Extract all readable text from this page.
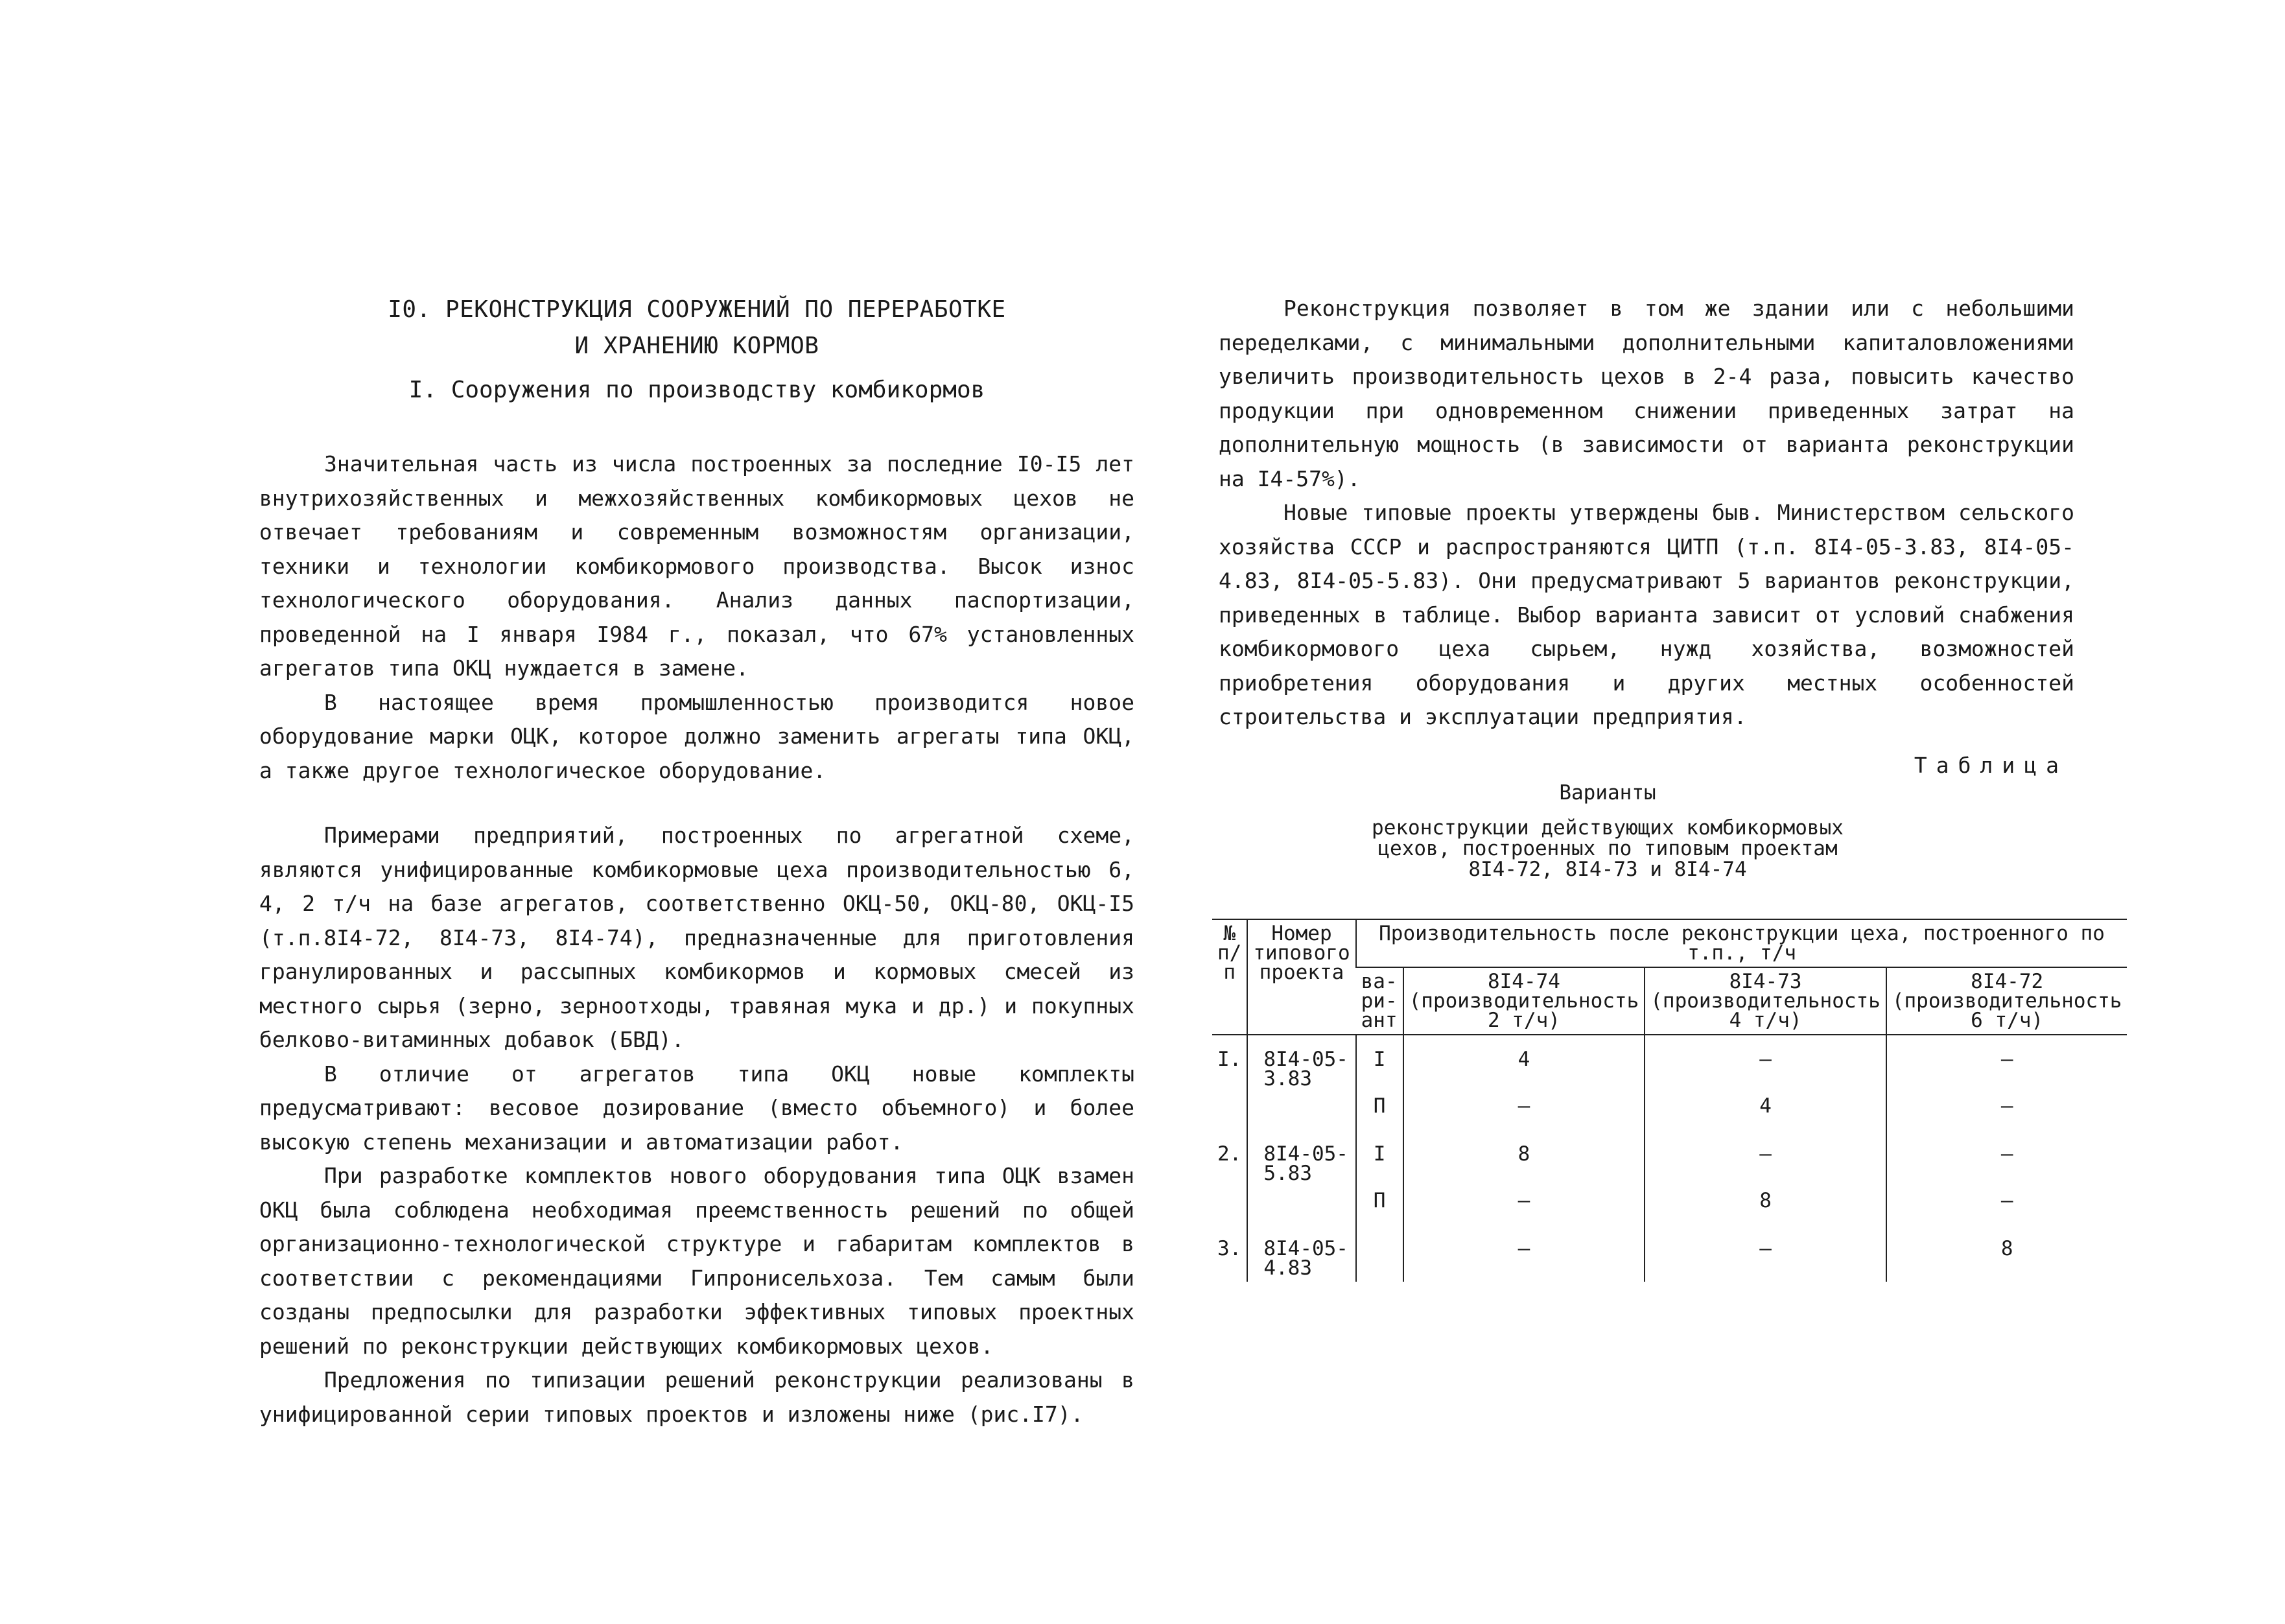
I0. РЕКОНСТРУКЦИЯ СООРУЖЕНИЙ ПО ПЕРЕРАБОТКЕ

И ХРАНЕНИЮ КОРМОВ

I. Сооружения по производству комбикормов

Значительная часть из числа построенных за последние I0-I5 лет внутрихозяйственных и межхозяйственных комбикормовых цехов не отвечает требованиям и современным возможностям организации, техники и технологии комбикормового производства. Высок износ технологического оборудования. Анализ данных паспортизации, проведенной на I января I984 г., показал, что 67% установленных агрегатов типа ОКЦ нуждается в замене.

В настоящее время промышленностью производится новое оборудование марки ОЦК, которое должно заменить агрегаты типа ОКЦ, а также другое технологическое оборудование.

Примерами предприятий, построенных по агрегатной схеме, являются унифицированные комбикормовые цеха производительностью 6, 4, 2 т/ч на базе агрегатов, соответственно ОКЦ-50, ОКЦ-80, ОКЦ-I5 (т.п.8I4-72, 8I4-73, 8I4-74), предназначенные для приготовления гранулированных и рассыпных комбикормов и кормовых смесей из местного сырья (зерно, зерноотходы, травяная мука и др.) и покупных белково-витаминных добавок (БВД).

В отличие от агрегатов типа ОКЦ новые комплекты предусматривают: весовое дозирование (вместо объемного) и более высокую степень механизации и автоматизации работ.

При разработке комплектов нового оборудования типа ОЦК взамен ОКЦ была соблюдена необходимая преемственность решений по общей организационно-технологической структуре и габаритам комплектов в соответствии с рекомендациями Гипронисельхоза. Тем самым были созданы предпосылки для разработки эффективных типовых проектных решений по реконструкции действующих комбикормовых цехов.

Предложения по типизации решений реконструкции реализованы в унифицированной серии типовых проектов и изложены ниже (рис.I7).

Реконструкция позволяет в том же здании или с небольшими переделками, с минимальными дополнительными капиталовложениями увеличить производительность цехов в 2-4 раза, повысить качество продукции при одновременном снижении приведенных затрат на дополнительную мощность (в зависимости от варианта реконструкции на I4-57%).

Новые типовые проекты утверждены быв. Министерством сельского хозяйства СССР и распространяются ЦИТП (т.п. 8I4-05-3.83, 8I4-05-4.83, 8I4-05-5.83). Они предусматривают 5 вариантов реконструкции, приведенных в таблице. Выбор варианта зависит от условий снабжения комбикормового цеха сырьем, нужд хозяйства, возможностей приобретения оборудования и других местных особенностей строительства и эксплуатации предприятия.

Таблица

Варианты

реконструкции действующих комбикормовых

цехов, построенных по типовым проектам

8I4-72, 8I4-73 и 8I4-74

№ п/п	Номер типового проекта	Производительность после реконструкции цеха, построенного по т.п., т/ч			
		ва- ри- ант	8I4-74 (производительность 2 т/ч)	8I4-73 (производительность 4 т/ч)	8I4-72 (производительность 6 т/ч)
I.	8I4-05-3.83	I	4	–	–
		П	–	4	–
2.	8I4-05-5.83	I	8	–	–
		П	–	8	–
3.	8I4-05-4.83		–	–	8
